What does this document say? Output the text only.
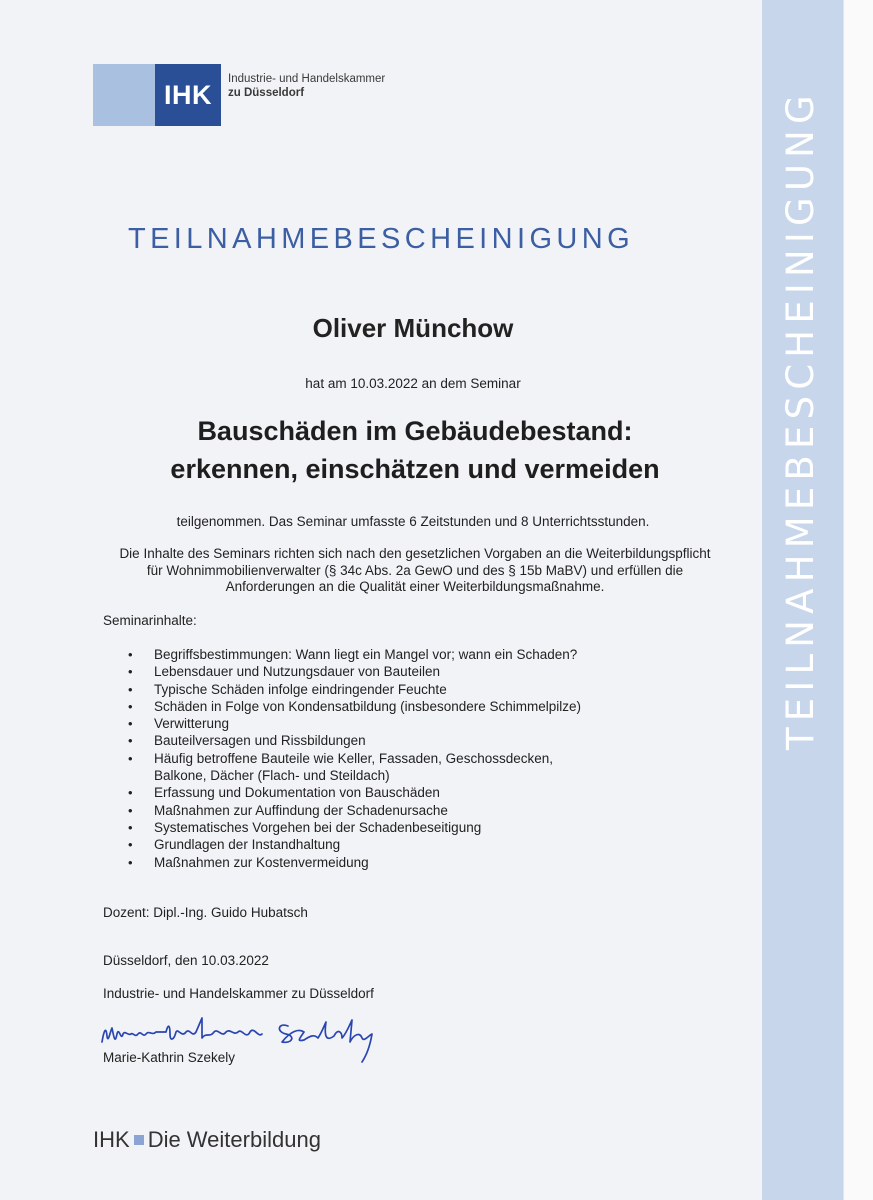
TEILNAHMEBESCHEINIGUNG
IHK
Industrie- und Handelskammer
zu Düsseldorf
TEILNAHMEBESCHEINIGUNG
Oliver Münchow
hat am 10.03.2022 an dem Seminar
Bauschäden im Gebäudebestand:
erkennen, einschätzen und vermeiden
teilgenommen. Das Seminar umfasste 6 Zeitstunden und 8 Unterrichtsstunden.
Die Inhalte des Seminars richten sich nach den gesetzlichen Vorgaben an die Weiterbildungspflicht
für Wohnimmobilienverwalter (§ 34c Abs. 2a GewO und des § 15b MaBV) und erfüllen die
Anforderungen an die Qualität einer Weiterbildungsmaßnahme.
Seminarinhalte:
• Begriffsbestimmungen: Wann liegt ein Mangel vor; wann ein Schaden?
• Lebensdauer und Nutzungsdauer von Bauteilen
• Typische Schäden infolge eindringender Feuchte
• Schäden in Folge von Kondensatbildung (insbesondere Schimmelpilze)
• Verwitterung
• Bauteilversagen und Rissbildungen
• Häufig betroffene Bauteile wie Keller, Fassaden, Geschossdecken,
Balkone, Dächer (Flach- und Steildach)
• Erfassung und Dokumentation von Bauschäden
• Maßnahmen zur Auffindung der Schadenursache
• Systematisches Vorgehen bei der Schadenbeseitigung
• Grundlagen der Instandhaltung
• Maßnahmen zur Kostenvermeidung
Dozent: Dipl.-Ing. Guido Hubatsch
Düsseldorf, den 10.03.2022
Industrie- und Handelskammer zu Düsseldorf
Marie-Kathrin Szekely
IHK Die Weiterbildung
